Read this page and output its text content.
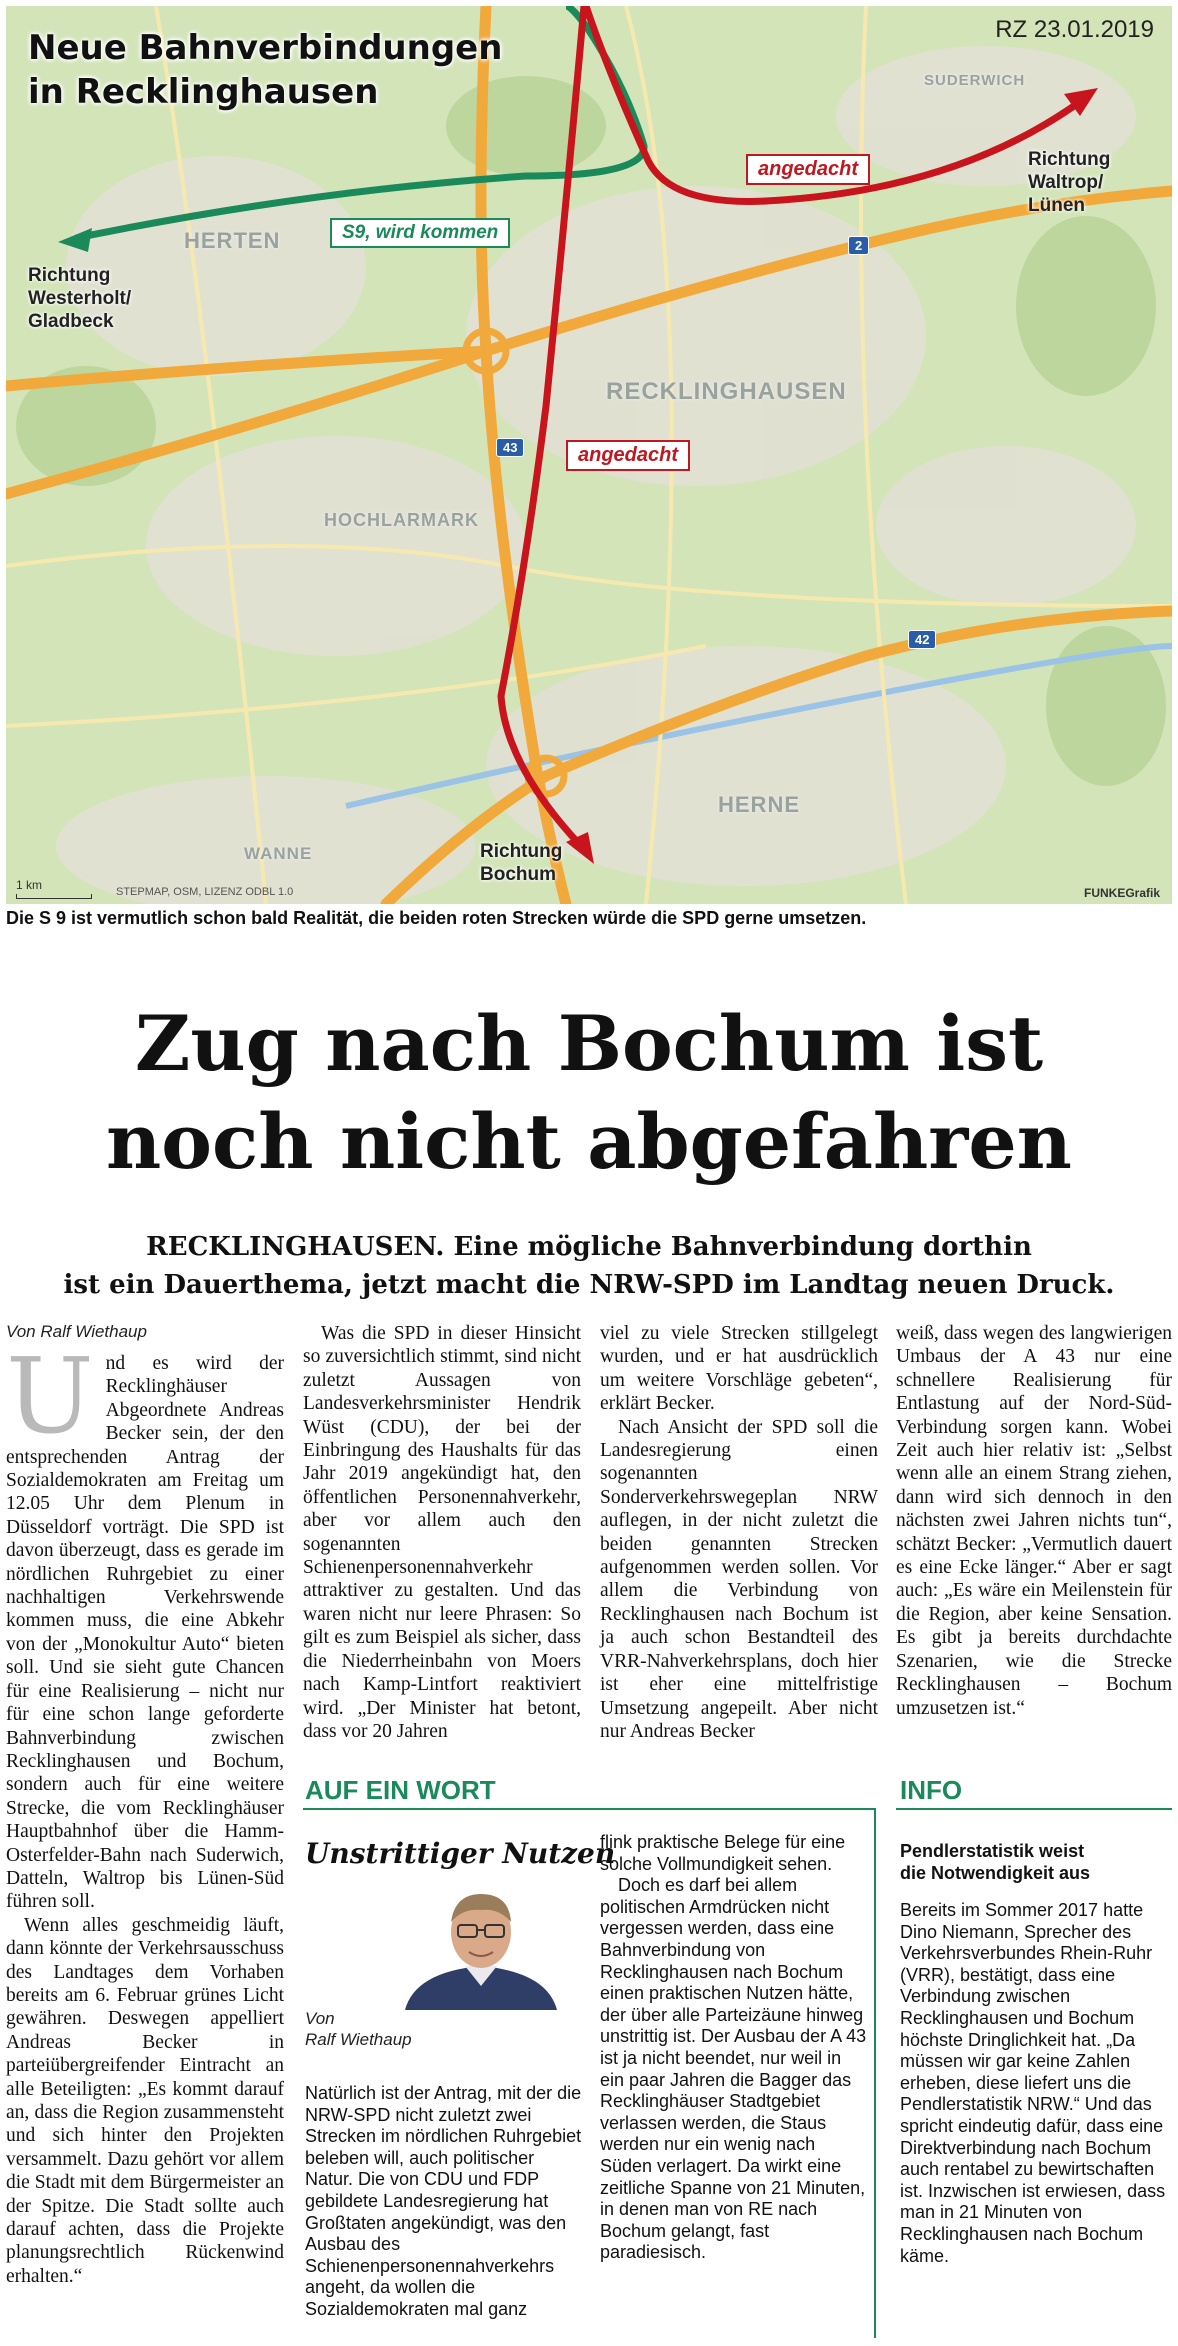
Neue Bahnverbindungen
in Recklinghausen
RZ 23.01.2019
SUDERWICH
HERTEN
RECKLINGHAUSEN
HOCHLARMARK
HERNE
WANNE
Richtung
Westerholt/
Gladbeck
Richtung
Waltrop/
Lünen
Richtung
Bochum
S9, wird kommen
angedacht
angedacht
2
43
42
1 km	STEPMAP, OSM, LIZENZ ODBL 1.0	FUNKEGrafik
Die S 9 ist vermutlich schon bald Realität, die beiden roten Strecken würde die SPD gerne umsetzen.
Zug nach Bochum ist
noch nicht abgefahren
RECKLINGHAUSEN. Eine mögliche Bahnverbindung dorthin
ist ein Dauerthema, jetzt macht die NRW-SPD im Landtag neuen Druck.
Von Ralf Wiethaup
U nd es wird der Recklinghäuser Abgeordnete Andreas Becker sein, der den entsprechenden Antrag der Sozialdemokraten am Freitag um 12.05 Uhr dem Plenum in Düsseldorf vorträgt. Die SPD ist davon überzeugt, dass es gerade im nördlichen Ruhrgebiet zu einer nachhaltigen Verkehrswende kommen muss, die eine Abkehr von der „Monokultur Auto“ bieten soll. Und sie sieht gute Chancen für eine Realisierung – nicht nur für eine schon lange geforderte Bahnverbindung zwischen Recklinghausen und Bochum, sondern auch für eine weitere Strecke, die vom Recklinghäuser Hauptbahnhof über die Hamm-Osterfelder-Bahn nach Suderwich, Datteln, Waltrop bis Lünen-Süd führen soll.

Wenn alles geschmeidig läuft, dann könnte der Verkehrsausschuss des Landtages dem Vorhaben bereits am 6. Februar grünes Licht gewähren. Deswegen appelliert Andreas Becker in parteiübergreifender Eintracht an alle Beteiligten: „Es kommt darauf an, dass die Region zusammensteht und sich hinter den Projekten versammelt. Dazu gehört vor allem die Stadt mit dem Bürgermeister an der Spitze. Die Stadt sollte auch darauf achten, dass die Projekte planungsrechtlich Rückenwind erhalten.“

Was die SPD in dieser Hinsicht so zuversichtlich stimmt, sind nicht zuletzt Aussagen von Landesverkehrsminister Hendrik Wüst (CDU), der bei der Einbringung des Haushalts für das Jahr 2019 angekündigt hat, den öffentlichen Personennahverkehr, aber vor allem auch den sogenannten Schienenpersonennahverkehr attraktiver zu gestalten. Und das waren nicht nur leere Phrasen: So gilt es zum Beispiel als sicher, dass die Niederrheinbahn von Moers nach Kamp-Lintfort reaktiviert wird. „Der Minister hat betont, dass vor 20 Jahren

viel zu viele Strecken stillgelegt wurden, und er hat ausdrücklich um weitere Vorschläge gebeten“, erklärt Becker.

Nach Ansicht der SPD soll die Landesregierung einen sogenannten Sonderverkehrswegeplan NRW auflegen, in der nicht zuletzt die beiden genannten Strecken aufgenommen werden sollen. Vor allem die Verbindung von Recklinghausen nach Bochum ist ja auch schon Bestandteil des VRR-Nahverkehrsplans, doch hier ist eher eine mittelfristige Umsetzung angepeilt. Aber nicht nur Andreas Becker

weiß, dass wegen des langwierigen Umbaus der A 43 nur eine schnellere Realisierung für Entlastung auf der Nord-Süd-Verbindung sorgen kann. Wobei Zeit auch hier relativ ist: „Selbst wenn alle an einem Strang ziehen, dann wird sich dennoch in den nächsten zwei Jahren nichts tun“, schätzt Becker: „Vermutlich dauert es eine Ecke länger.“ Aber er sagt auch: „Es wäre ein Meilenstein für die Region, aber keine Sensation. Es gibt ja bereits durchdachte Szenarien, wie die Strecke Recklinghausen – Bochum umzusetzen ist.“

AUF EIN WORT
Unstrittiger Nutzen
Von
Ralf Wiethaup

Natürlich ist der Antrag, mit der die NRW-SPD nicht zuletzt zwei Strecken im nördlichen Ruhrgebiet beleben will, auch politischer Natur. Die von CDU und FDP gebildete Landesregierung hat Großtaten angekündigt, was den Ausbau des Schienenpersonennahverkehrs angeht, da wollen die Sozialdemokraten mal ganz

flink praktische Belege für eine solche Vollmundigkeit sehen.

Doch es darf bei allem politischen Armdrücken nicht vergessen werden, dass eine Bahnverbindung von Recklinghausen nach Bochum einen praktischen Nutzen hätte, der über alle Parteizäune hinweg unstrittig ist. Der Ausbau der A 43 ist ja nicht beendet, nur weil in ein paar Jahren die Bagger das Recklinghäuser Stadtgebiet verlassen werden, die Staus werden nur ein wenig nach Süden verlagert. Da wirkt eine zeitliche Spanne von 21 Minuten, in denen man von RE nach Bochum gelangt, fast paradiesisch.

INFO
Pendlerstatistik weist
die Notwendigkeit aus

Bereits im Sommer 2017 hatte Dino Niemann, Sprecher des Verkehrsverbundes Rhein-Ruhr (VRR), bestätigt, dass eine Verbindung zwischen Recklinghausen und Bochum höchste Dringlichkeit hat. „Da müssen wir gar keine Zahlen erheben, diese liefert uns die Pendlerstatistik NRW.“ Und das spricht eindeutig dafür, dass eine Direktverbindung nach Bochum auch rentabel zu bewirtschaften ist. Inzwischen ist erwiesen, dass man in 21 Minuten von Recklinghausen nach Bochum käme.
